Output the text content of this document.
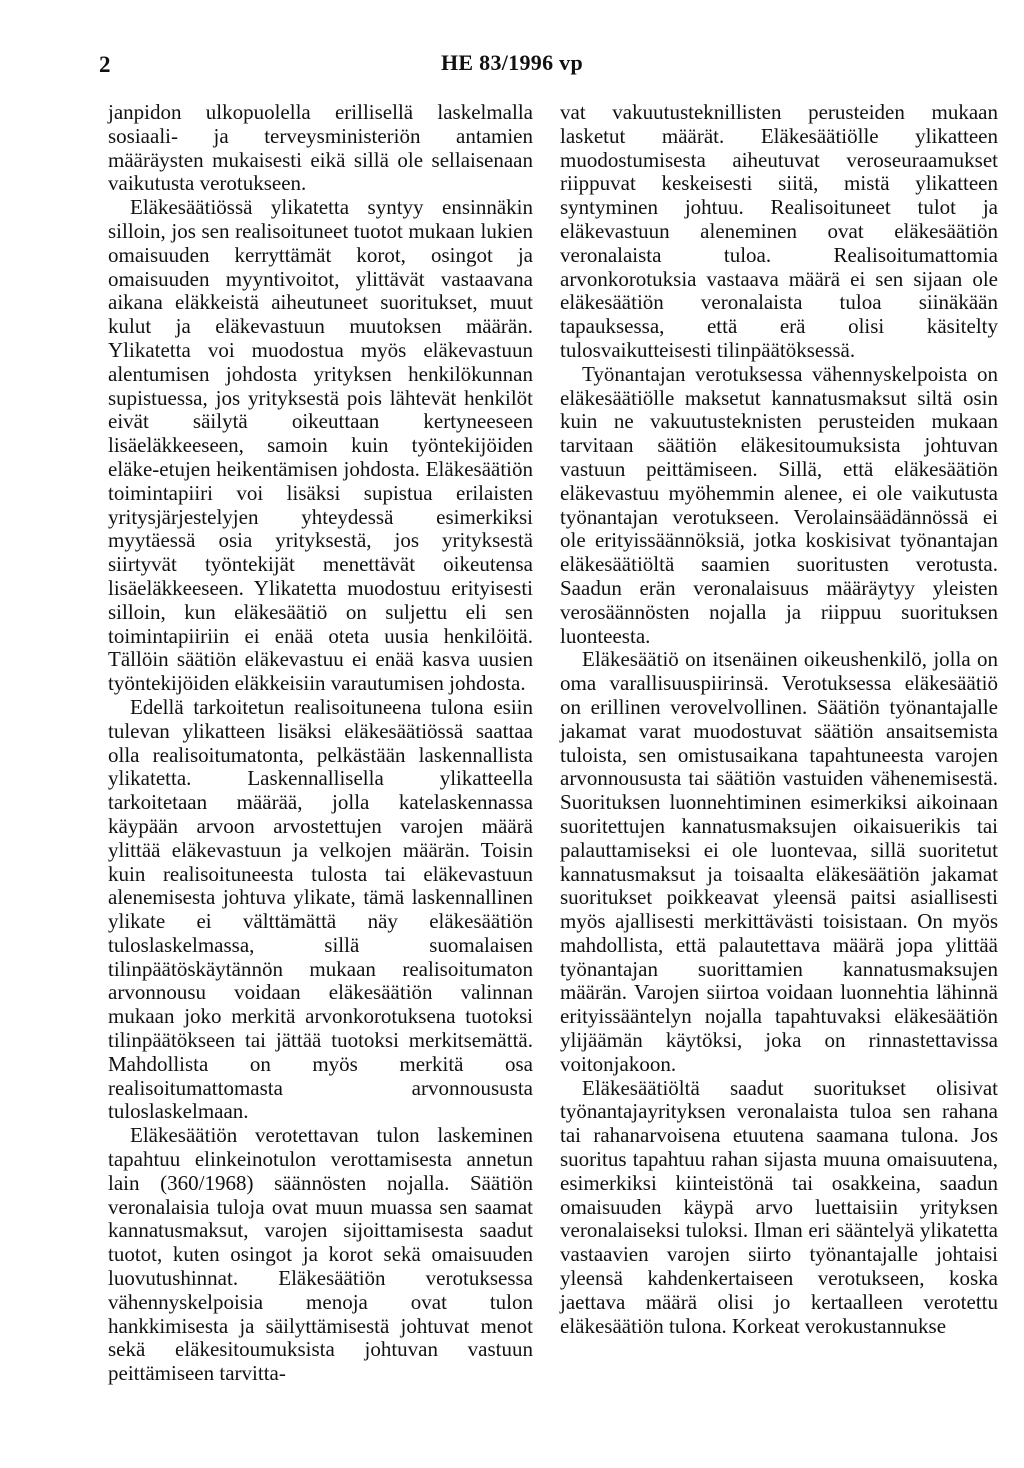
2	HE 83/1996 vp

janpidon ulkopuolella erillisellä laskelmalla sosiaali- ja terveysministeriön antamien määräysten mukaisesti eikä sillä ole sellaisenaan vaikutusta verotukseen.

Eläkesäätiössä ylikatetta syntyy ensinnäkin silloin, jos sen realisoituneet tuotot mukaan lukien omaisuuden kerryttämät korot, osingot ja omaisuuden myyntivoitot, ylittävät vastaavana aikana eläkkeistä aiheutuneet suoritukset, muut kulut ja eläkevastuun muutoksen määrän. Ylikatetta voi muodostua myös eläkevastuun alentumisen johdosta yrityksen henkilökunnan supistuessa, jos yrityksestä pois lähtevät henkilöt eivät säilytä oikeuttaan kertyneeseen lisäeläkkeeseen, samoin kuin työntekijöiden eläke-etujen heikentämisen johdosta. Eläkesäätiön toimintapiiri voi lisäksi supistua erilaisten yritysjärjestelyjen yhteydessä esimerkiksi myytäessä osia yrityksestä, jos yrityksestä siirtyvät työntekijät menettävät oikeutensa lisäeläkkeeseen. Ylikatetta muodostuu erityisesti silloin, kun eläkesäätiö on suljettu eli sen toimintapiiriin ei enää oteta uusia henkilöitä. Tällöin säätiön eläkevastuu ei enää kasva uusien työntekijöiden eläkkeisiin varautumisen johdosta.

Edellä tarkoitetun realisoituneena tulona esiin tulevan ylikatteen lisäksi eläkesäätiössä saattaa olla realisoitumatonta, pelkästään laskennallista ylikatetta. Laskennallisella ylikatteella tarkoitetaan määrää, jolla katelaskennassa käypään arvoon arvostettujen varojen määrä ylittää eläkevastuun ja velkojen määrän. Toisin kuin realisoituneesta tulosta tai eläkevastuun alenemisesta johtuva ylikate, tämä laskennallinen ylikate ei välttämättä näy eläkesäätiön tuloslaskelmassa, sillä suomalaisen tilinpäätöskäytännön mukaan realisoitumaton arvonnousu voidaan eläkesäätiön valinnan mukaan joko merkitä arvonkorotuksena tuotoksi tilinpäätökseen tai jättää tuotoksi merkitsemättä. Mahdollista on myös merkitä osa realisoitumattomasta arvonnoususta tuloslaskelmaan.

Eläkesäätiön verotettavan tulon laskeminen tapahtuu elinkeinotulon verottamisesta annetun lain (360/1968) säännösten nojalla. Säätiön veronalaisia tuloja ovat muun muassa sen saamat kannatusmaksut, varojen sijoittamisesta saadut tuotot, kuten osingot ja korot sekä omaisuuden luovutushinnat. Eläkesäätiön verotuksessa vähennyskelpoisia menoja ovat tulon hankkimisesta ja säilyttämisestä johtuvat menot sekä eläkesitoumuksista johtuvan vastuun peittämiseen tarvitta-

vat vakuutusteknillisten perusteiden mukaan lasketut määrät. Eläkesäätiölle ylikatteen muodostumisesta aiheutuvat veroseuraamukset riippuvat keskeisesti siitä, mistä ylikatteen syntyminen johtuu. Realisoituneet tulot ja eläkevastuun aleneminen ovat eläkesäätiön veronalaista tuloa. Realisoitumattomia arvonkorotuksia vastaava määrä ei sen sijaan ole eläkesäätiön veronalaista tuloa siinäkään tapauksessa, että erä olisi käsitelty tulosvaikutteisesti tilinpäätöksessä.

Työnantajan verotuksessa vähennyskelpoista on eläkesäätiölle maksetut kannatusmaksut siltä osin kuin ne vakuutusteknisten perusteiden mukaan tarvitaan säätiön eläkesitoumuksista johtuvan vastuun peittämiseen. Sillä, että eläkesäätiön eläkevastuu myöhemmin alenee, ei ole vaikutusta työnantajan verotukseen. Verolainsäädännössä ei ole erityissäännöksiä, jotka koskisivat työnantajan eläkesäätiöltä saamien suoritusten verotusta. Saadun erän veronalaisuus määräytyy yleisten verosäännösten nojalla ja riippuu suorituksen luonteesta.

Eläkesäätiö on itsenäinen oikeushenkilö, jolla on oma varallisuuspiirinsä. Verotuksessa eläkesäätiö on erillinen verovelvollinen. Säätiön työnantajalle jakamat varat muodostuvat säätiön ansaitsemista tuloista, sen omistusaikana tapahtuneesta varojen arvonnoususta tai säätiön vastuiden vähenemisestä. Suorituksen luonnehtiminen esimerkiksi aikoinaan suoritettujen kannatusmaksujen oikaisuerikis tai palauttamiseksi ei ole luontevaa, sillä suoritetut kannatusmaksut ja toisaalta eläkesäätiön jakamat suoritukset poikkeavat yleensä paitsi asiallisesti myös ajallisesti merkittävästi toisistaan. On myös mahdollista, että palautettava määrä jopa ylittää työnantajan suorittamien kannatusmaksujen määrän. Varojen siirtoa voidaan luonnehtia lähinnä erityissääntelyn nojalla tapahtuvaksi eläkesäätiön ylijäämän käytöksi, joka on rinnastettavissa voitonjakoon.

Eläkesäätiöltä saadut suoritukset olisivat työnantajayrityksen veronalaista tuloa sen rahana tai rahanarvoisena etuutena saamana tulona. Jos suoritus tapahtuu rahan sijasta muuna omaisuutena, esimerkiksi kiinteistönä tai osakkeina, saadun omaisuuden käypä arvo luettaisiin yrityksen veronalaiseksi tuloksi. Ilman eri sääntelyä ylikatetta vastaavien varojen siirto työnantajalle johtaisi yleensä kahdenkertaiseen verotukseen, koska jaettava määrä olisi jo kertaalleen verotettu eläkesäätiön tulona. Korkeat verokustannukse
